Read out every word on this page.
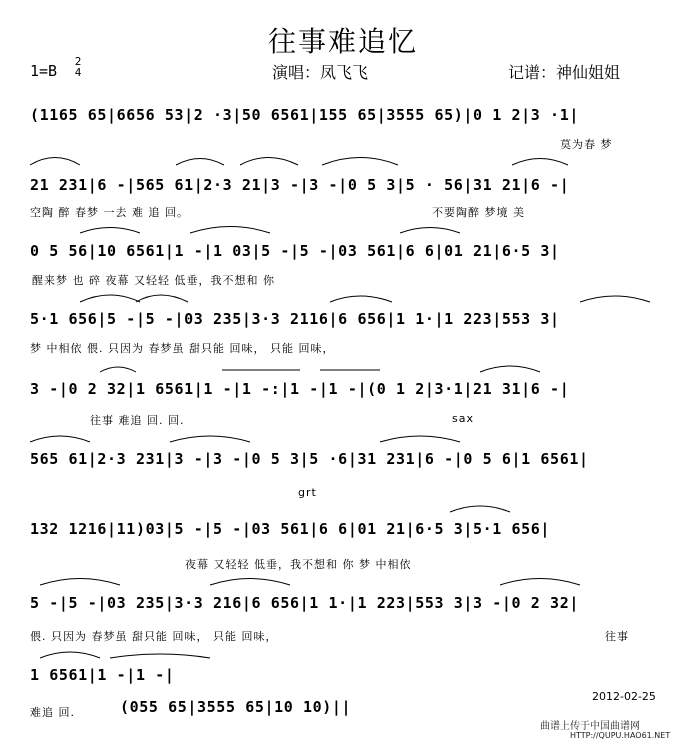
往事难追忆
1=B
2
4	演唱：凤飞飞	记谱：神仙姐姐
(1165 65|6656 53|2 ·3|50 6561|155 65|3555 65)|0 1 2|3 ·1|
莫为春 梦
21 231|6 -|565 61|2·3 21|3 -|3 -|0 5 3|5 · 56|31 21|6 -|
空陶 醉 春梦 一去 难 追 回。	不要陶醉 梦境 美
0 5 56|10 6561|1 -|1 03|5 -|5 -|03 561|6 6|01 21|6·5 3|
醒来梦 也 碎 夜幕 又轻轻 低垂，我不想和 你
5·1 656|5 -|5 -|03 235|3·3 2116|6 656|1 1·|1 223|553 3|
梦 中相依 偎. 只因为 春梦虽 甜只能 回味， 只能 回味，
3 -|0 2 32|1 6561|1 -|1 -:|1 -|1 -|(0 1 2|3·1|21 31|6 -|
往事 难追 回. 回.	sax
565 61|2·3 231|3 -|3 -|0 5 3|5 ·6|31 231|6 -|0 5 6|1 6561|
grt
132 1216|11)03|5 -|5 -|03 561|6 6|01 21|6·5 3|5·1 656|
夜幕 又轻轻 低垂，我不想和 你 梦 中相依
5 -|5 -|03 235|3·3 216|6 656|1 1·|1 223|553 3|3 -|0 2 32|
偎. 只因为 春梦虽 甜只能 回味， 只能 回味，	往事
1 6561|1 -|1 -|
(055 65|3555 65|10 10)||
难追 回.
2012-02-25
曲谱上传于中国曲谱网
HTTP://QUPU.HAO61.NET
